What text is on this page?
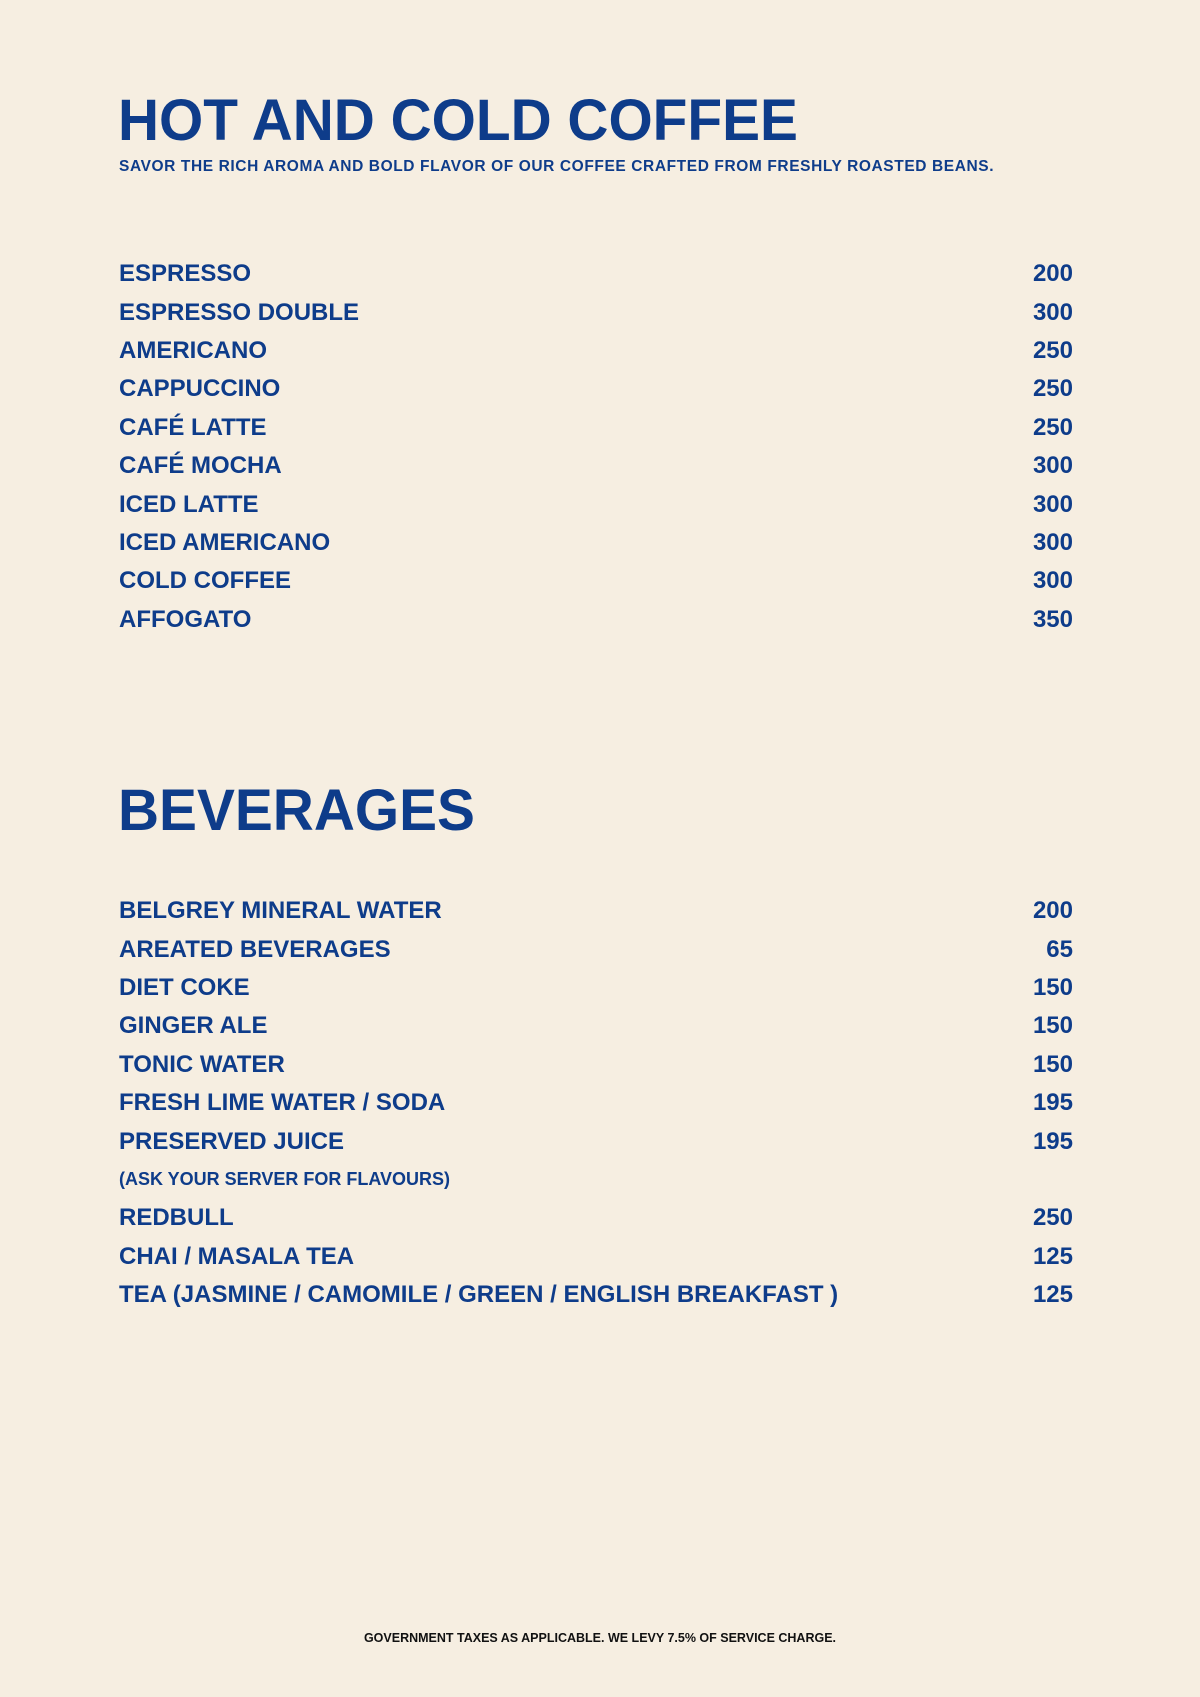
HOT AND COLD COFFEE
SAVOR THE RICH AROMA AND BOLD FLAVOR OF OUR COFFEE CRAFTED FROM FRESHLY ROASTED BEANS.
ESPRESSO	200
ESPRESSO DOUBLE	300
AMERICANO	250
CAPPUCCINO	250
CAFÉ LATTE	250
CAFÉ MOCHA	300
ICED LATTE	300
ICED AMERICANO	300
COLD COFFEE	300
AFFOGATO	350
BEVERAGES
BELGREY MINERAL WATER	200
AREATED BEVERAGES	65
DIET COKE	150
GINGER ALE	150
TONIC WATER	150
FRESH LIME WATER / SODA	195
PRESERVED JUICE	195
(ASK YOUR SERVER FOR FLAVOURS)
REDBULL	250
CHAI / MASALA TEA	125
TEA (JASMINE / CAMOMILE / GREEN / ENGLISH BREAKFAST )	125
GOVERNMENT TAXES AS APPLICABLE. WE LEVY 7.5% OF SERVICE CHARGE.
